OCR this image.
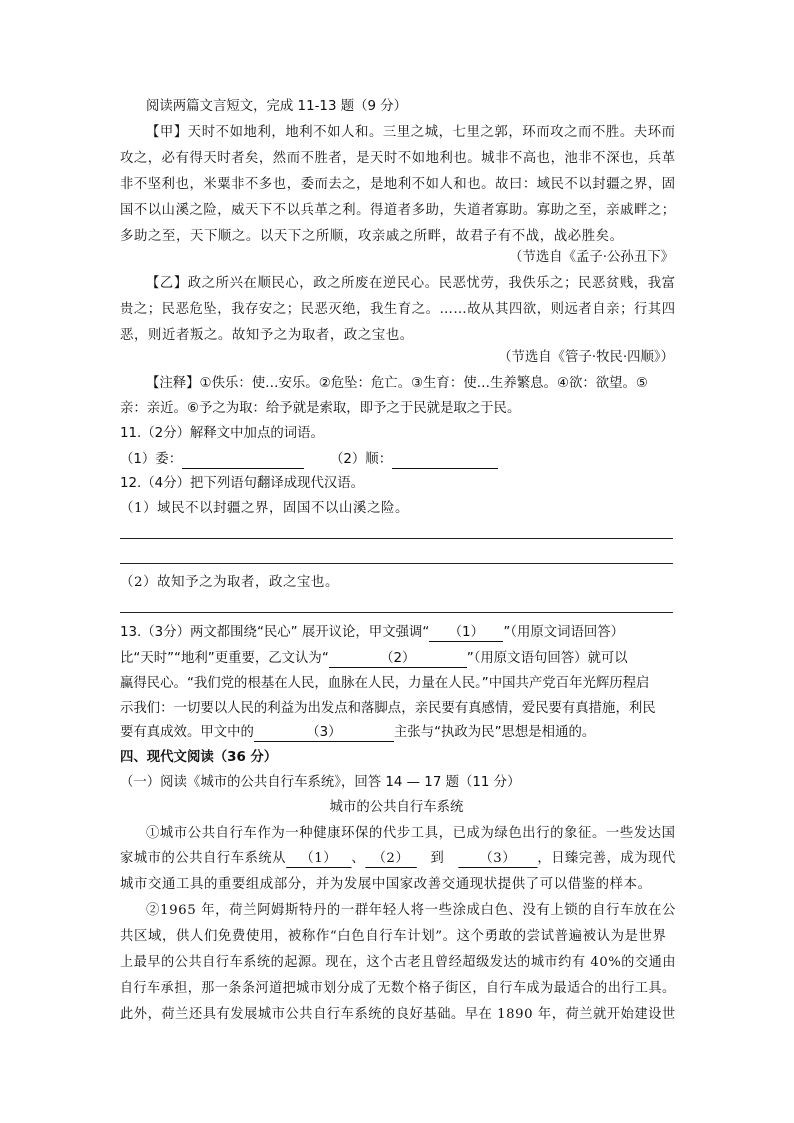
阅读两篇文言短文，完成 11-13 题（9 分）
【甲】天时不如地利，地利不如人和。三里之城，七里之郭，环而攻之而不胜。夫环而
攻之，必有得天时者矣，然而不胜者，是天时不如地利也。城非不高也，池非不深也，兵革
非不坚利也，米粟非不多也，委而去之，是地利不如人和也。故曰：域民不以封疆之界，固
国不以山溪之险，威天下不以兵革之利。得道者多助，失道者寡助。寡助之至，亲戚畔之；
多助之至，天下顺之。以天下之所顺，攻亲戚之所畔，故君子有不战，战必胜矣。
（节选自《孟子·公孙丑下》
【乙】政之所兴在顺民心，政之所废在逆民心。民恶忧劳，我佚乐之；民恶贫贱，我富
贵之；民恶危坠，我存安之；民恶灭绝，我生育之。……故从其四欲，则远者自亲；行其四
恶，则近者叛之。故知予之为取者，政之宝也。
（节选自《管子·牧民·四顺》）
【注释】①佚乐：使…安乐。②危坠：危亡。③生育：使…生养繁息。④欲：欲望。⑤
亲：亲近。⑥予之为取：给予就是索取，即予之于民就是取之于民。
11.（2分）解释文中加点的词语。
（1）委：	（2）顺：
12.（4分）把下列语句翻译成现代汉语。
（1）域民不以封疆之界，固国不以山溪之险。
（2）故知予之为取者，政之宝也。
13.（3分）两文都围绕“民心” 展开议论，甲文强调“ （1） ”（用原文词语回答）
比“天时”“地利”更重要，乙文认为“	（2）	”（用原文语句回答）就可以
赢得民心。“我们党的根基在人民，血脉在人民，力量在人民。”中国共产党百年光辉历程启
示我们：一切要以人民的利益为出发点和落脚点，亲民要有真感情，爱民要有真措施，利民
要有真成效。甲文中的	（3）	主张与“执政为民”思想是相通的。
四、现代文阅读（36 分）
（一）阅读《城市的公共自行车系统》，回答 14 — 17 题（11 分）
城市的公共自行车系统
①城市公共自行车作为一种健康环保的代步工具，已成为绿色出行的象征。一些发达国
家城市的公共自行车系统从 （1） 、 （2） 到	（3） ，日臻完善，成为现代
城市交通工具的重要组成部分，并为发展中国家改善交通现状提供了可以借鉴的样本。
②1965 年，荷兰阿姆斯特丹的一群年轻人将一些涂成白色、没有上锁的自行车放在公
共区域，供人们免费使用，被称作“白色自行车计划”。这个勇敢的尝试普遍被认为是世界
上最早的公共自行车系统的起源。现在，这个古老且曾经超级发达的城市约有 40%的交通由
自行车承担，那一条条河道把城市划分成了无数个格子街区，自行车成为最适合的出行工具。
此外，荷兰还具有发展城市公共自行车系统的良好基础。早在 1890 年，荷兰就开始建设世
